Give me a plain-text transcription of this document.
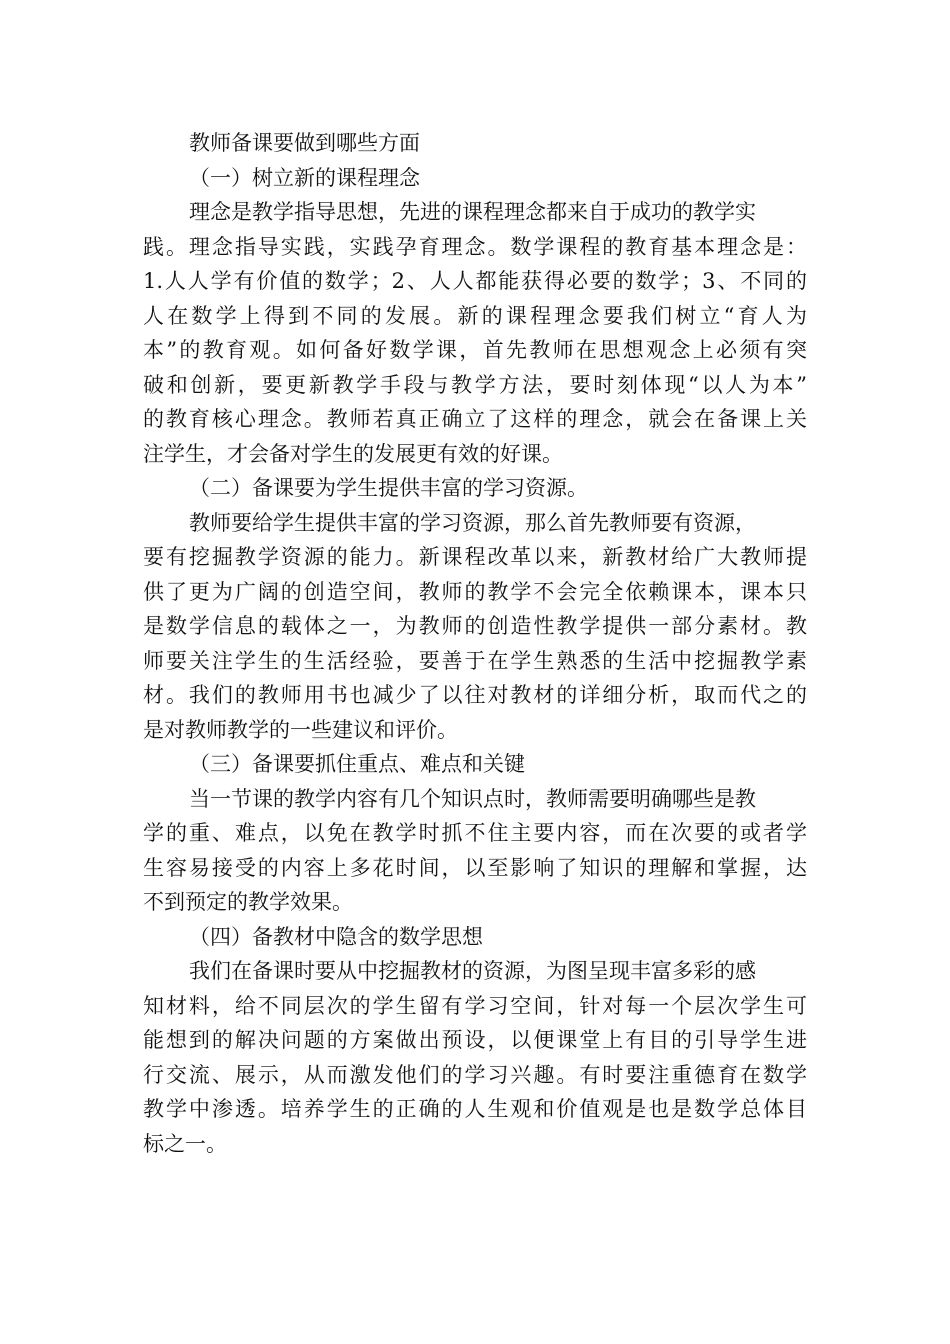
教师备课要做到哪些方面
（一）树立新的课程理念
理念是教学指导思想，先进的课程理念都来自于成功的教学实
践。理念指导实践，实践孕育理念。数学课程的教育基本理念是：
1.人人学有价值的数学；2、人人都能获得必要的数学；3、不同的
人在数学上得到不同的发展。新的课程理念要我们树立“育人为
本”的教育观。如何备好数学课，首先教师在思想观念上必须有突
破和创新，要更新教学手段与教学方法，要时刻体现“以人为本”
的教育核心理念。教师若真正确立了这样的理念，就会在备课上关
注学生，才会备对学生的发展更有效的好课。
（二）备课要为学生提供丰富的学习资源。
教师要给学生提供丰富的学习资源，那么首先教师要有资源，
要有挖掘教学资源的能力。新课程改革以来，新教材给广大教师提
供了更为广阔的创造空间，教师的教学不会完全依赖课本，课本只
是数学信息的载体之一，为教师的创造性教学提供一部分素材。教
师要关注学生的生活经验，要善于在学生熟悉的生活中挖掘教学素
材。我们的教师用书也减少了以往对教材的详细分析，取而代之的
是对教师教学的一些建议和评价。
（三）备课要抓住重点、难点和关键
当一节课的教学内容有几个知识点时，教师需要明确哪些是教
学的重、难点，以免在教学时抓不住主要内容，而在次要的或者学
生容易接受的内容上多花时间，以至影响了知识的理解和掌握，达
不到预定的教学效果。
（四）备教材中隐含的数学思想
我们在备课时要从中挖掘教材的资源，为图呈现丰富多彩的感
知材料，给不同层次的学生留有学习空间，针对每一个层次学生可
能想到的解决问题的方案做出预设，以便课堂上有目的引导学生进
行交流、展示，从而激发他们的学习兴趣。有时要注重德育在数学
教学中渗透。培养学生的正确的人生观和价值观是也是数学总体目
标之一。
